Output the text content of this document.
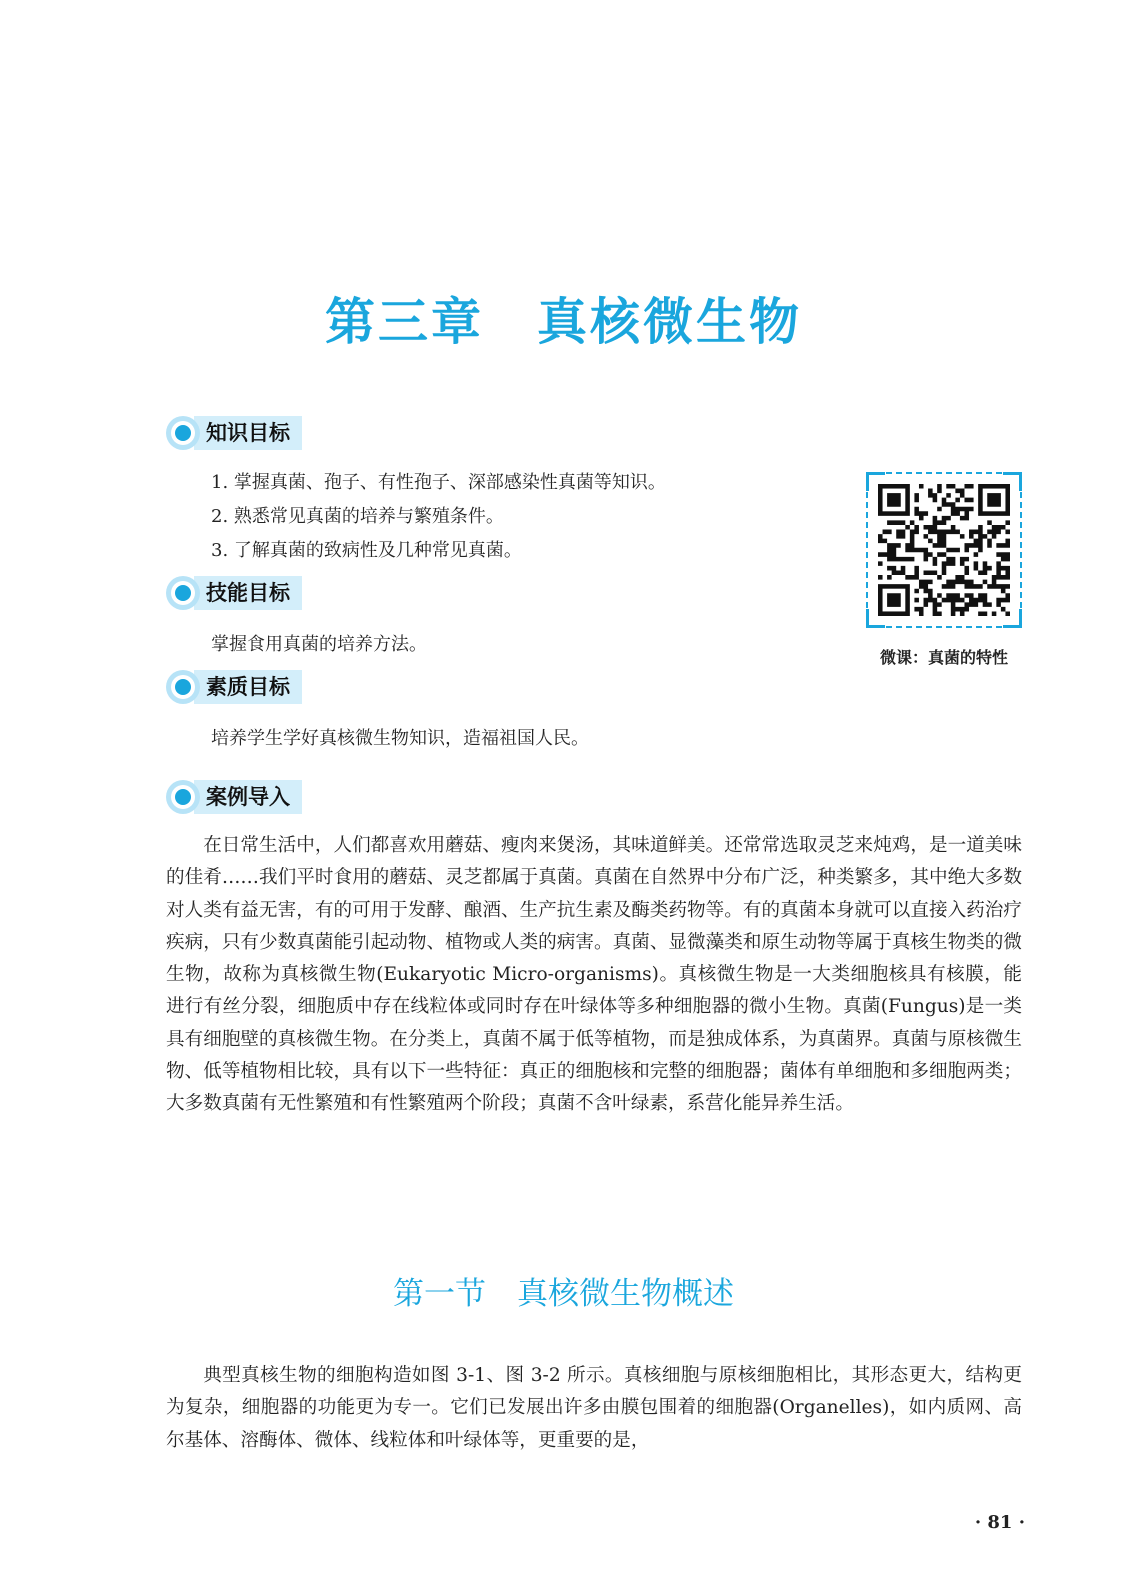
第三章　真核微生物
知识目标
1. 掌握真菌、孢子、有性孢子、深部感染性真菌等知识。
2. 熟悉常见真菌的培养与繁殖条件。
3. 了解真菌的致病性及几种常见真菌。
技能目标
掌握食用真菌的培养方法。
素质目标
培养学生学好真核微生物知识，造福祖国人民。
案例导入
在日常生活中，人们都喜欢用蘑菇、瘦肉来煲汤，其味道鲜美。还常常选取灵芝来炖鸡，是一道美味的佳肴……我们平时食用的蘑菇、灵芝都属于真菌。真菌在自然界中分布广泛，种类繁多，其中绝大多数对人类有益无害，有的可用于发酵、酿酒、生产抗生素及酶类药物等。有的真菌本身就可以直接入药治疗疾病，只有少数真菌能引起动物、植物或人类的病害。真菌、显微藻类和原生动物等属于真核生物类的微生物，故称为真核微生物(Eukaryotic Micro-organisms)。真核微生物是一大类细胞核具有核膜，能进行有丝分裂，细胞质中存在线粒体或同时存在叶绿体等多种细胞器的微小生物。真菌(Fungus)是一类具有细胞壁的真核微生物。在分类上，真菌不属于低等植物，而是独成体系，为真菌界。真菌与原核微生物、低等植物相比较，具有以下一些特征：真正的细胞核和完整的细胞器；菌体有单细胞和多细胞两类；大多数真菌有无性繁殖和有性繁殖两个阶段；真菌不含叶绿素，系营化能异养生活。
微课：真菌的特性
第一节　真核微生物概述
典型真核生物的细胞构造如图 3-1、图 3-2 所示。真核细胞与原核细胞相比，其形态更大，结构更为复杂，细胞器的功能更为专一。它们已发展出许多由膜包围着的细胞器(Organelles)，如内质网、高尔基体、溶酶体、微体、线粒体和叶绿体等，更重要的是，
· 81 ·
